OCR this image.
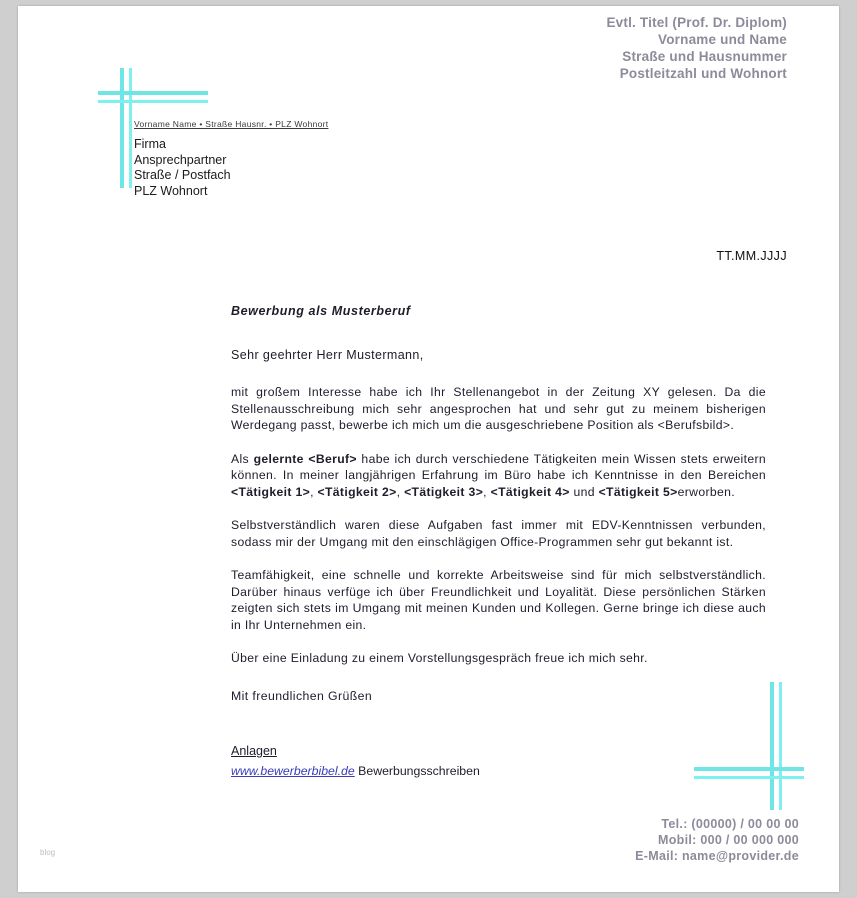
Evtl. Titel (Prof. Dr. Diplom)
Vorname und Name
Straße und Hausnummer
Postleitzahl und Wohnort
Vorname Name • Straße Hausnr. • PLZ Wohnort
Firma
Ansprechpartner
Straße / Postfach
PLZ Wohnort
TT.MM.JJJJ
Bewerbung als Musterberuf
Sehr geehrter Herr Mustermann,

mit großem Interesse habe ich Ihr Stellenangebot in der Zeitung XY gelesen. Da die Stellenausschreibung mich sehr angesprochen hat und sehr gut zu meinem bisherigen Werdegang passt, bewerbe ich mich um die ausgeschriebene Position als <Berufsbild>.

Als gelernte <Beruf> habe ich durch verschiedene Tätigkeiten mein Wissen stets erweitern können. In meiner langjährigen Erfahrung im Büro habe ich Kenntnisse in den Bereichen <Tätigkeit 1>, <Tätigkeit 2>, <Tätigkeit 3>, <Tätigkeit 4> und <Tätigkeit 5>erworben.

Selbstverständlich waren diese Aufgaben fast immer mit EDV-Kenntnissen verbunden, sodass mir der Umgang mit den einschlägigen Office-Programmen sehr gut bekannt ist.

Teamfähigkeit, eine schnelle und korrekte Arbeitsweise sind für mich selbstverständlich. Darüber hinaus verfüge ich über Freundlichkeit und Loyalität. Diese persönlichen Stärken zeigten sich stets im Umgang mit meinen Kunden und Kollegen. Gerne bringe ich diese auch in Ihr Unternehmen ein.

Über eine Einladung zu einem Vorstellungsgespräch freue ich mich sehr.

Mit freundlichen Grüßen
Anlagen
www.bewerberbibel.de Bewerbungsschreiben
Tel.: (00000) / 00 00 00
Mobil: 000 / 00 000 000
E-Mail: name@provider.de
blog
